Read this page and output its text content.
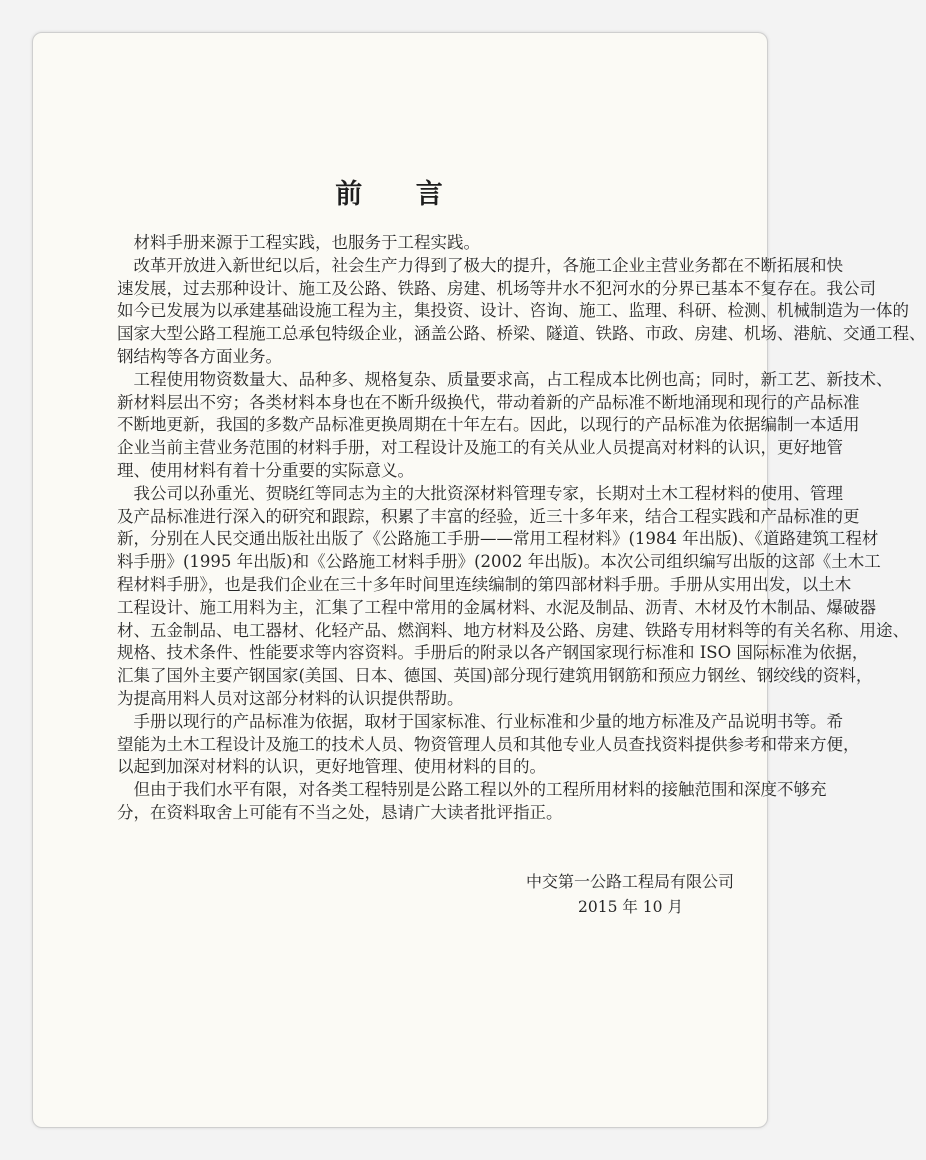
前 言
　材料手册来源于工程实践，也服务于工程实践。
　改革开放进入新世纪以后，社会生产力得到了极大的提升，各施工企业主营业务都在不断拓展和快
速发展，过去那种设计、施工及公路、铁路、房建、机场等井水不犯河水的分界已基本不复存在。我公司
如今已发展为以承建基础设施工程为主，集投资、设计、咨询、施工、监理、科研、检测、机械制造为一体的
国家大型公路工程施工总承包特级企业，涵盖公路、桥梁、隧道、铁路、市政、房建、机场、港航、交通工程、
钢结构等各方面业务。
　工程使用物资数量大、品种多、规格复杂、质量要求高，占工程成本比例也高；同时，新工艺、新技术、
新材料层出不穷；各类材料本身也在不断升级换代，带动着新的产品标准不断地涌现和现行的产品标准
不断地更新，我国的多数产品标准更换周期在十年左右。因此，以现行的产品标准为依据编制一本适用
企业当前主营业务范围的材料手册，对工程设计及施工的有关从业人员提高对材料的认识，更好地管
理、使用材料有着十分重要的实际意义。
　我公司以孙重光、贺晓红等同志为主的大批资深材料管理专家，长期对土木工程材料的使用、管理
及产品标准进行深入的研究和跟踪，积累了丰富的经验，近三十多年来，结合工程实践和产品标准的更
新，分别在人民交通出版社出版了《公路施工手册——常用工程材料》(1984 年出版)、《道路建筑工程材
料手册》(1995 年出版)和《公路施工材料手册》(2002 年出版)。本次公司组织编写出版的这部《土木工
程材料手册》，也是我们企业在三十多年时间里连续编制的第四部材料手册。手册从实用出发，以土木
工程设计、施工用料为主，汇集了工程中常用的金属材料、水泥及制品、沥青、木材及竹木制品、爆破器
材、五金制品、电工器材、化轻产品、燃润料、地方材料及公路、房建、铁路专用材料等的有关名称、用途、
规格、技术条件、性能要求等内容资料。手册后的附录以各产钢国家现行标准和 ISO 国际标准为依据，
汇集了国外主要产钢国家(美国、日本、德国、英国)部分现行建筑用钢筋和预应力钢丝、钢绞线的资料，
为提高用料人员对这部分材料的认识提供帮助。
　手册以现行的产品标准为依据，取材于国家标准、行业标准和少量的地方标准及产品说明书等。希
望能为土木工程设计及施工的技术人员、物资管理人员和其他专业人员查找资料提供参考和带来方便，
以起到加深对材料的认识，更好地管理、使用材料的目的。
　但由于我们水平有限，对各类工程特别是公路工程以外的工程所用材料的接触范围和深度不够充
分，在资料取舍上可能有不当之处，恳请广大读者批评指正。
中交第一公路工程局有限公司
2015 年 10 月
